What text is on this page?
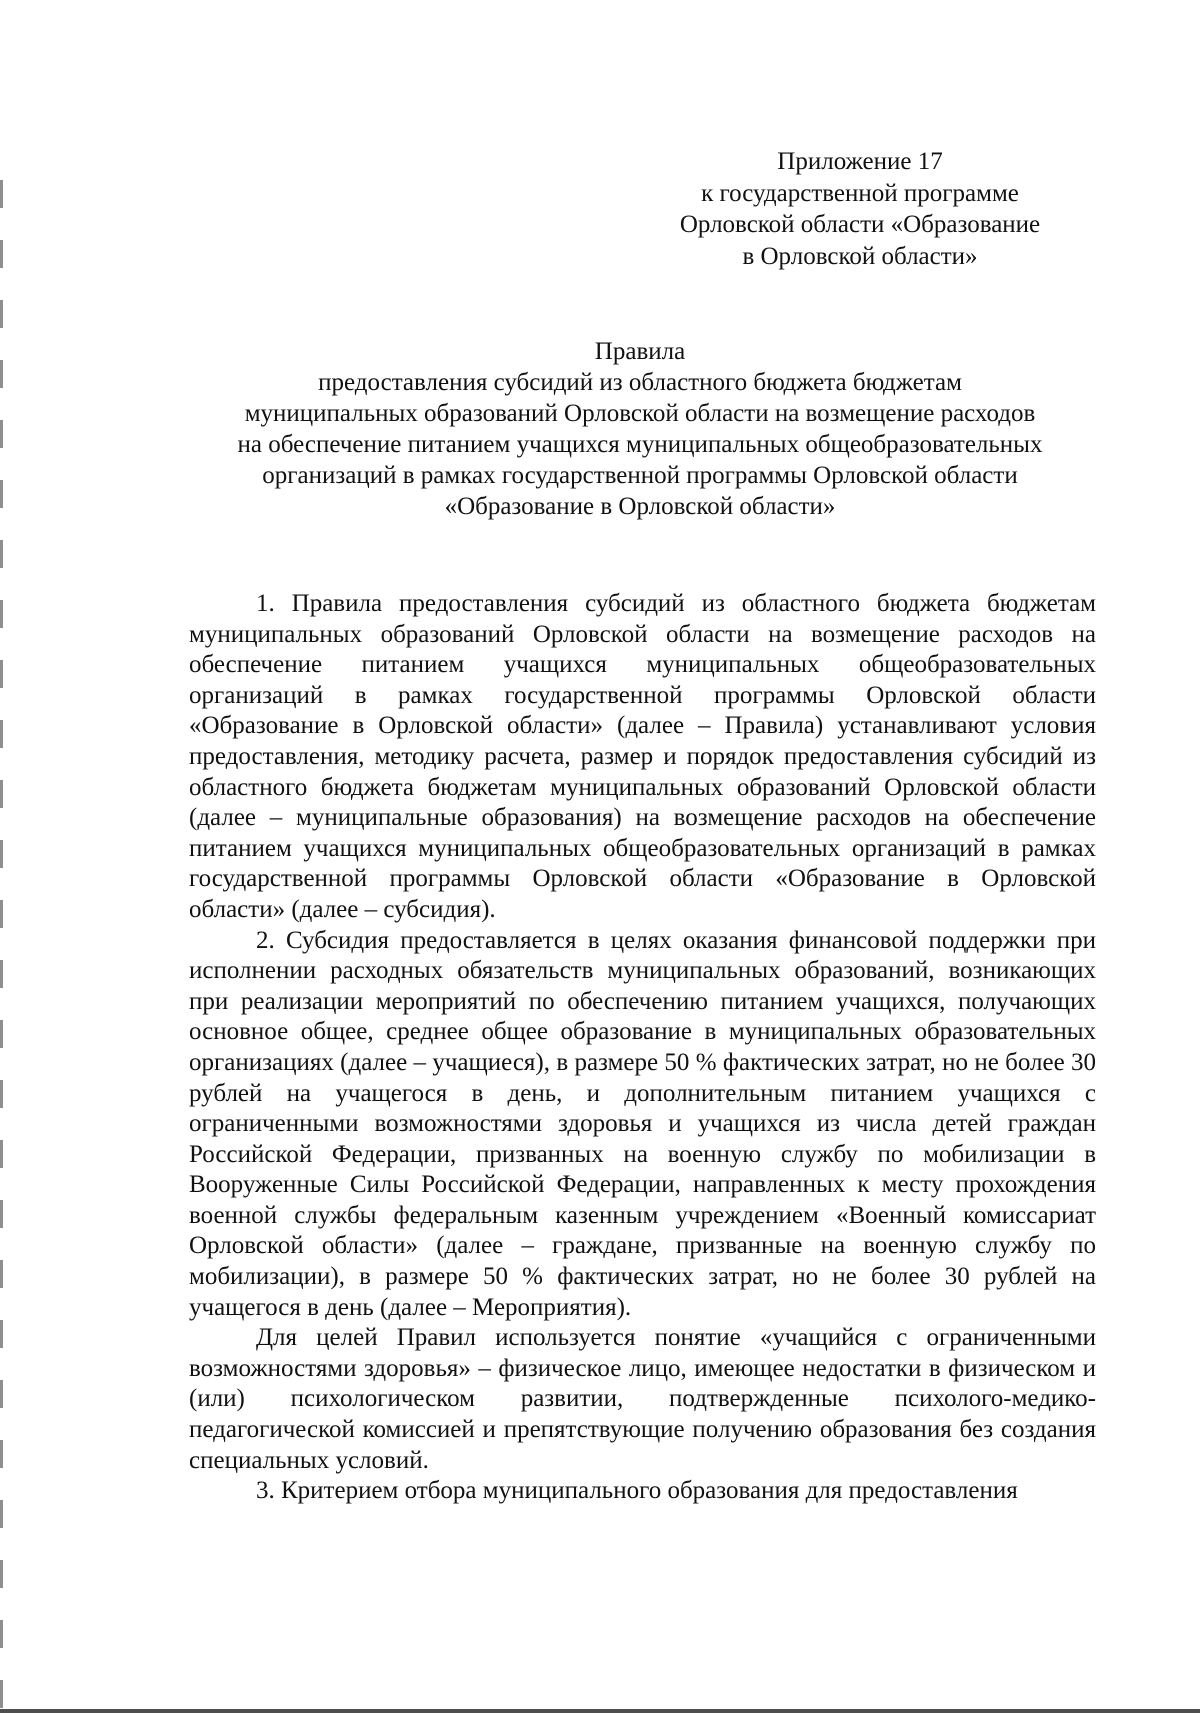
Приложение 17
к государственной программе
Орловской области «Образование
в Орловской области»
Правила
предоставления субсидий из областного бюджета бюджетам
муниципальных образований Орловской области на возмещение расходов
на обеспечение питанием учащихся муниципальных общеобразовательных
организаций в рамках государственной программы Орловской области
«Образование в Орловской области»

1. Правила предоставления субсидий из областного бюджета бюджетам муниципальных образований Орловской области на возмещение расходов на обеспечение питанием учащихся муниципальных общеобразовательных организаций в рамках государственной программы Орловской области «Образование в Орловской области» (далее – Правила) устанавливают условия предоставления, методику расчета, размер и порядок предоставления субсидий из областного бюджета бюджетам муниципальных образований Орловской области (далее – муниципальные образования) на возмещение расходов на обеспечение питанием учащихся муниципальных общеобразовательных организаций в рамках государственной программы Орловской области «Образование в Орловской области» (далее – субсидия).

2. Субсидия предоставляется в целях оказания финансовой поддержки при исполнении расходных обязательств муниципальных образований, возникающих при реализации мероприятий по обеспечению питанием учащихся, получающих основное общее, среднее общее образование в муниципальных образовательных организациях (далее – учащиеся), в размере 50 % фактических затрат, но не более 30 рублей на учащегося в день, и дополнительным питанием учащихся с ограниченными возможностями здоровья и учащихся из числа детей граждан Российской Федерации, призванных на военную службу по мобилизации в Вооруженные Силы Российской Федерации, направленных к месту прохождения военной службы федеральным казенным учреждением «Военный комиссариат Орловской области» (далее – граждане, призванные на военную службу по мобилизации), в размере 50 % фактических затрат, но не более 30 рублей на учащегося в день (далее – Мероприятия).

Для целей Правил используется понятие «учащийся с ограниченными возможностями здоровья» – физическое лицо, имеющее недостатки в физическом и (или) психологическом развитии, подтвержденные психолого-медико-педагогической комиссией и препятствующие получению образования без создания специальных условий.

3. Критерием отбора муниципального образования для предоставления
